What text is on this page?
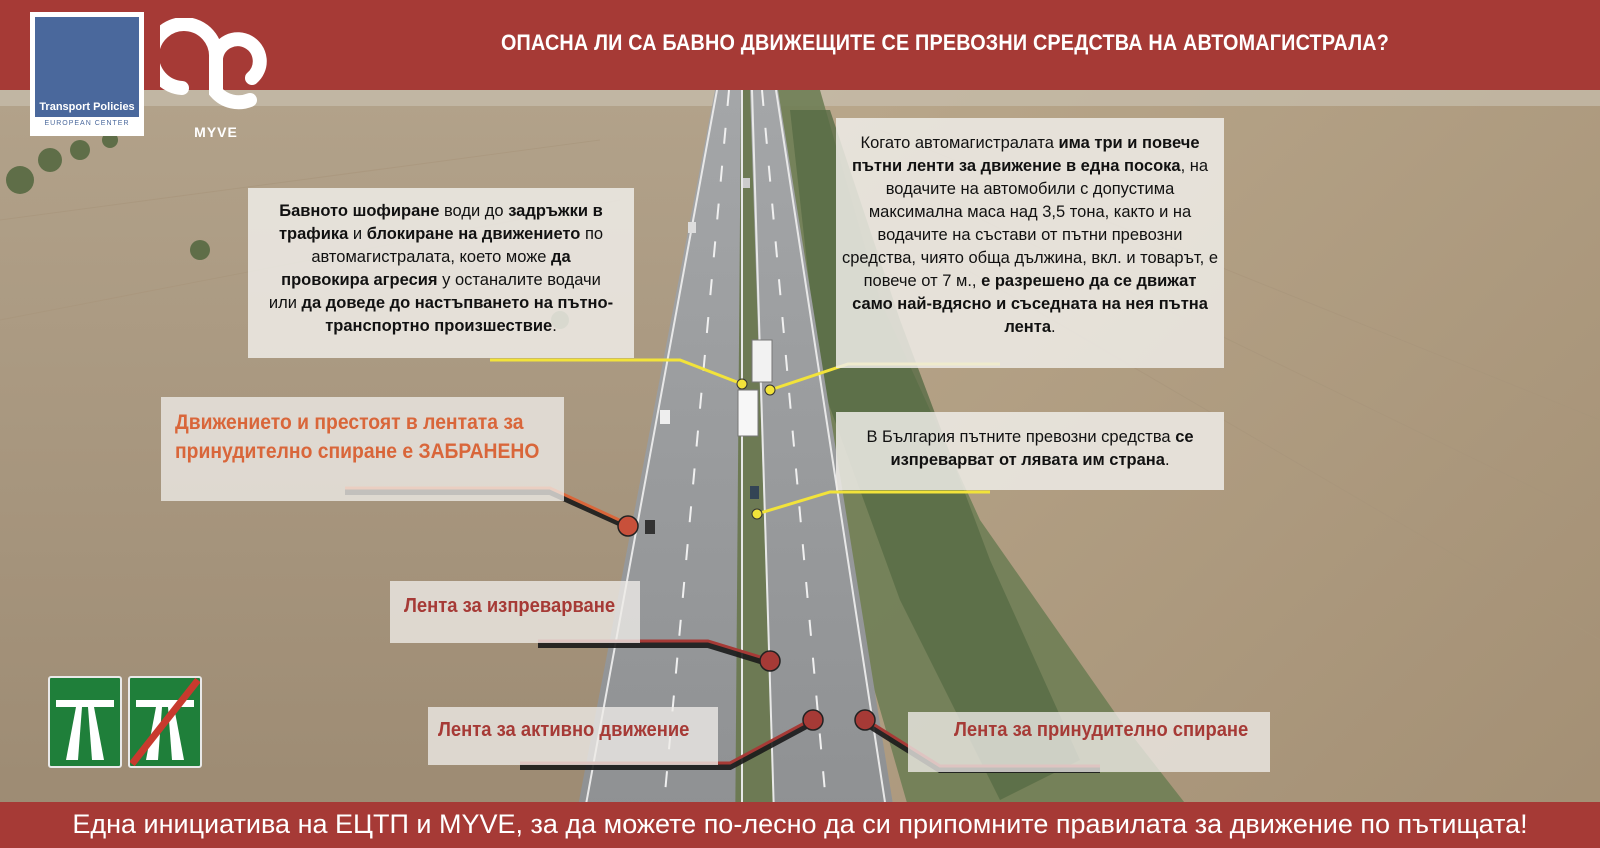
ОПАСНА ЛИ СА БАВНО ДВИЖЕЩИТЕ СЕ ПРЕВОЗНИ СРЕДСТВА НА АВТОМАГИСТРАЛА?
Transport Policies
EUROPEAN CENTER
MYVE
Бавното шофиране води до задръжки в трафика и блокиране на движението по автомагистралата, което може да провокира агресия у останалите водачи или да доведе до настъпването на пътно-транспортно произшествие.
Когато автомагистралата има три и повече пътни ленти за движение в една посока, на водачите на автомобили с допустима максимална маса над 3,5 тона, както и на водачите на състави от пътни превозни средства, чиято обща дължина, вкл. и товарът, е повече от 7 м., е разрешено да се движат само най-вдясно и съседната на нея пътна лента.
В България пътните превозни средства се изпреварват от лявата им страна.
Движението и престоят в лентата за
принудително спиране е ЗАБРАНЕНО
Лента за изпреварване
Лента за активно движение	Лента за принудително спиране
Една инициатива на ЕЦТП и MYVE, за да можете по-лесно да си припомните правилата за движение по пътищата!
